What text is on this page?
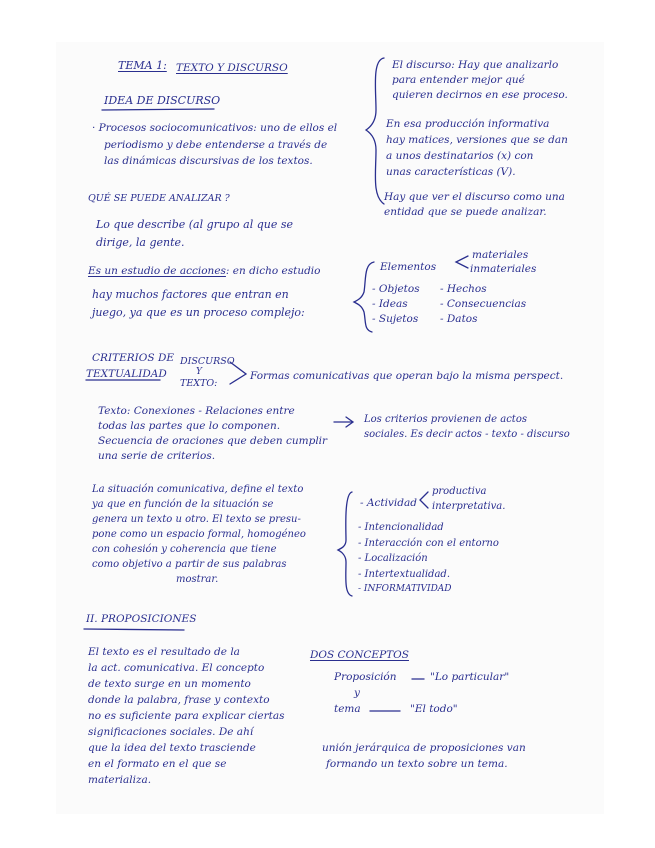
TEMA 1: TEXTO Y DISCURSO
IDEA DE DISCURSO
· Procesos sociocomunicativos: uno de ellos el
periodismo y debe entenderse a través de
las dinámicas discursivas de los textos.
QUÉ SE PUEDE ANALIZAR ?
Lo que describe (al grupo al que se
dirige, la gente.
Es un estudio de acciones: en dicho estudio
hay muchos factores que entran en
juego, ya que es un proceso complejo:
El discurso: Hay que analizarlo
para entender mejor qué
quieren decirnos en ese proceso.
En esa producción informativa
hay matices, versiones que se dan
a unos destinatarios (x) con
unas características (V).
Hay que ver el discurso como una
entidad que se puede analizar.
Elementos
materiales
inmateriales
- Objetos
- Ideas
- Sujetos
- Hechos
- Consecuencias
- Datos
CRITERIOS DE
TEXTUALIDAD
DISCURSO
Y
TEXTO:
Formas comunicativas que operan bajo la misma perspect.
Texto: Conexiones - Relaciones entre
todas las partes que lo componen.
Secuencia de oraciones que deben cumplir
una serie de criterios.
Los criterios provienen de actos
sociales. Es decir actos - texto - discurso
La situación comunicativa, define el texto
ya que en función de la situación se
genera un texto u otro. El texto se presu-
pone como un espacio formal, homogéneo
con cohesión y coherencia que tiene
como objetivo a partir de sus palabras
mostrar.
- Actividad
productiva
interpretativa.
- Intencionalidad
- Interacción con el entorno
- Localización
- Intertextualidad.
- INFORMATIVIDAD
II. PROPOSICIONES
El texto es el resultado de la
la act. comunicativa. El concepto
de texto surge en un momento
donde la palabra, frase y contexto
no es suficiente para explicar ciertas
significaciones sociales. De ahí
que la idea del texto trasciende
en el formato en el que se
materializa.
DOS CONCEPTOS
Proposición	"Lo particular"
y
tema	"El todo"
unión jerárquica de proposiciones van
formando un texto sobre un tema.
